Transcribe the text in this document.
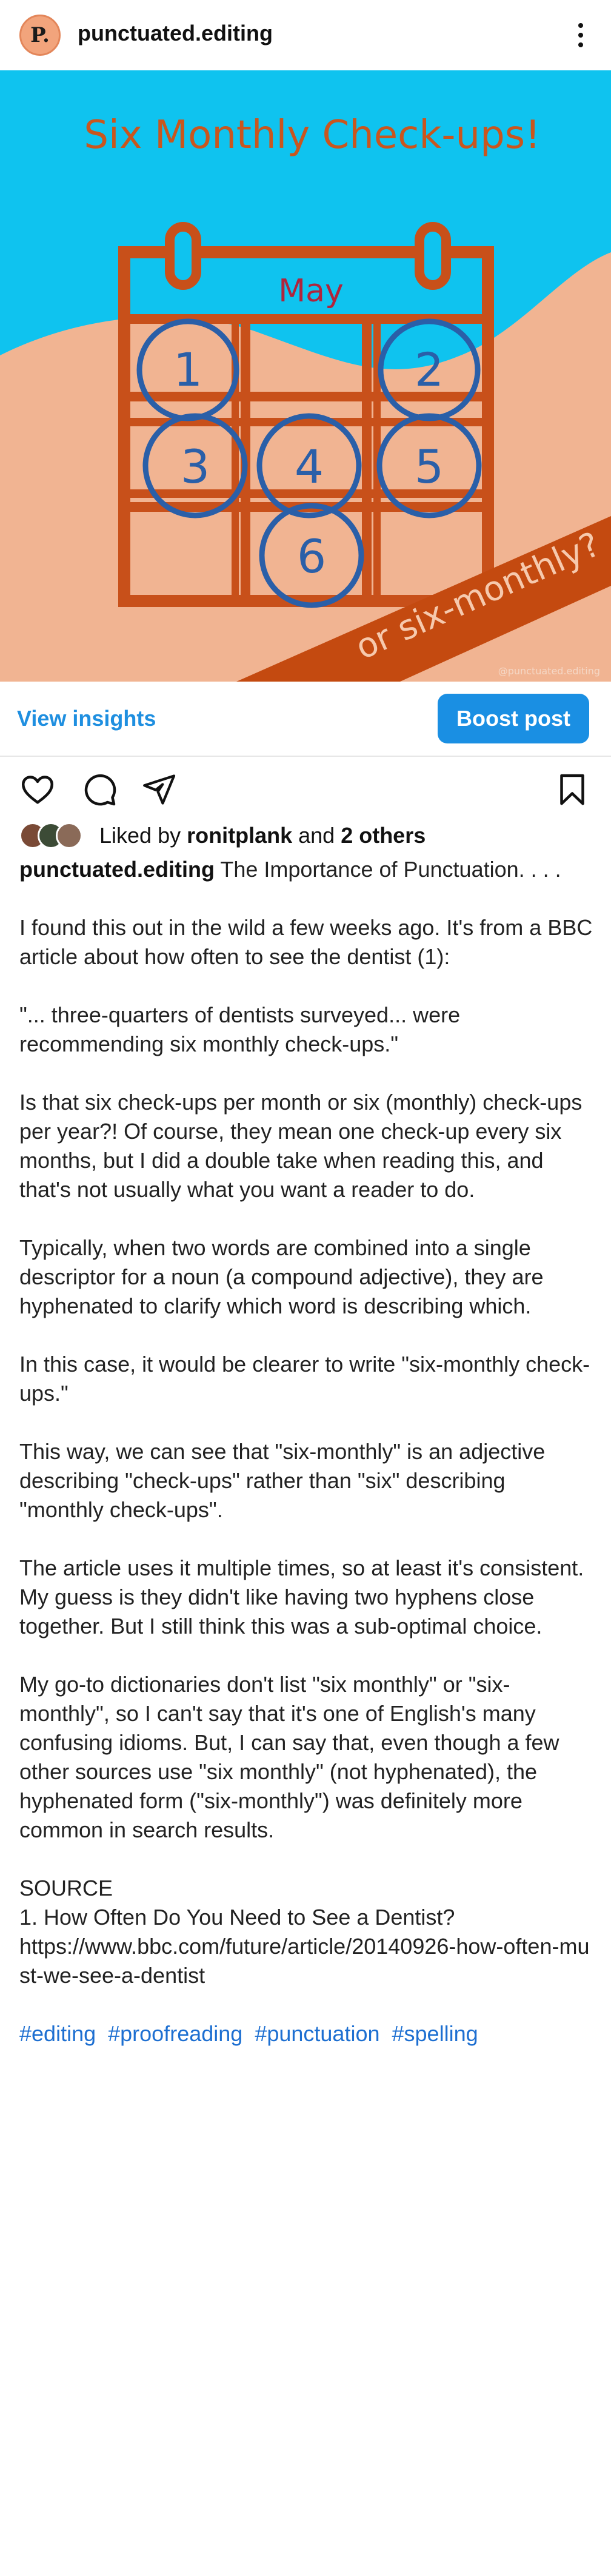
P.	punctuated.editing
Six Monthly Check-ups!
May
1	2
3 4 5
6 or six-monthly?
@punctuated.editing
View insights	Boost post
Liked by ronitplank and 2 others

punctuated.editing The Importance of Punctuation. . . .

I found this out in the wild a few weeks ago. It's from a BBC article about how often to see the dentist (1):

"... three-quarters of dentists surveyed... were recommending six monthly check-ups."

Is that six check-ups per month or six (monthly) check-ups per year?! Of course, they mean one check-up every six months, but I did a double take when reading this, and that's not usually what you want a reader to do.

Typically, when two words are combined into a single descriptor for a noun (a compound adjective), they are hyphenated to clarify which word is describing which.

In this case, it would be clearer to write "six-monthly check-ups."

This way, we can see that "six-monthly" is an adjective describing "check-ups" rather than "six" describing "monthly check-ups".

The article uses it multiple times, so at least it's consistent. My guess is they didn't like having two hyphens close together. But I still think this was a sub-optimal choice.

My go-to dictionaries don't list "six monthly" or "six-monthly", so I can't say that it's one of English's many confusing idioms. But, I can say that, even though a few other sources use "six monthly" (not hyphenated), the hyphenated form ("six-monthly") was definitely more common in search results.

SOURCE

1. How Often Do You Need to See a Dentist?

https://www.bbc.com/future/article/20140926-how-often-must-we-see-a-dentist

#editing #proofreading #punctuation #spelling
